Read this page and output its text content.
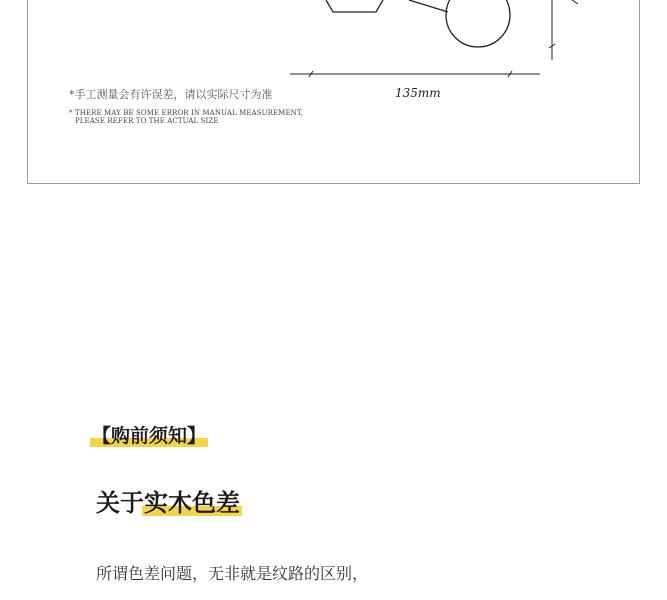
135mm
*手工测量会有许误差，请以实际尺寸为准
* THERE MAY BE SOME ERROR IN MANUAL MEASUREMENT,
PLEASE REFER TO THE ACTUAL SIZE
【购前须知】
关于实木色差
所谓色差问题，无非就是纹路的区别，
